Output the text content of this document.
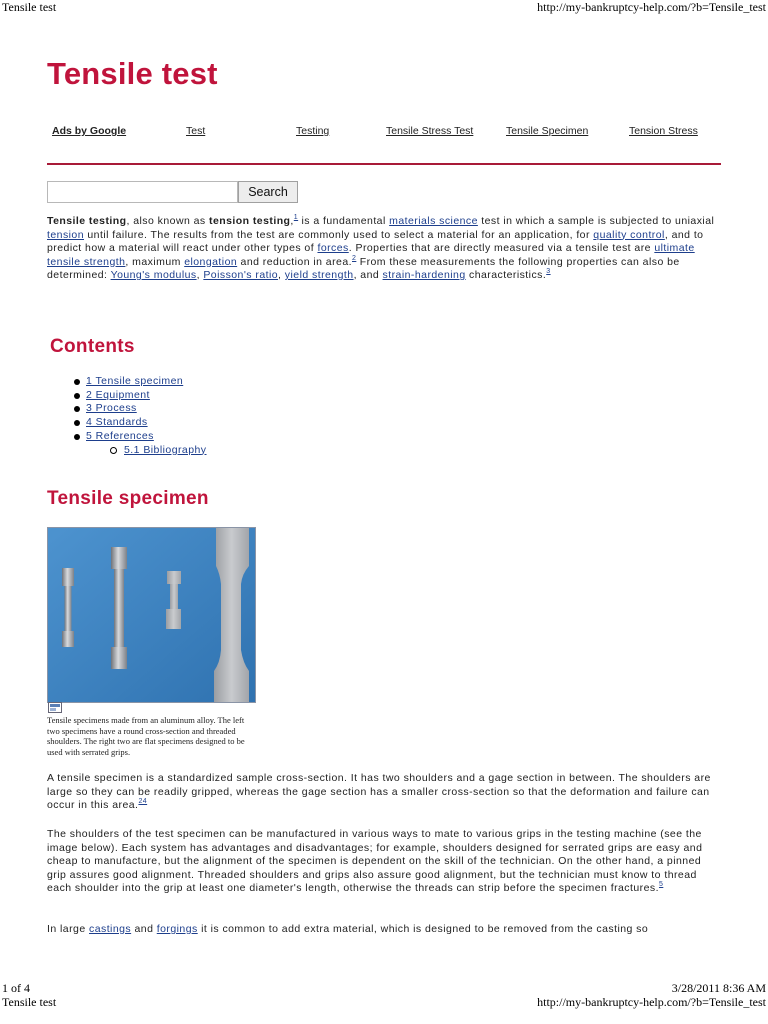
Tensile test	http://my-bankruptcy-help.com/?b=Tensile_test
Tensile test
Ads by Google	Test	Testing	Tensile Stress Test	Tensile Specimen	Tension Stress
Search

Tensile testing, also known as tension testing,$^1$ is a fundamental materials science test in which a sample is subjected to uniaxial tension until failure. The results from the test are commonly used to select a material for an application, for quality control, and to predict how a material will react under other types of forces. Properties that are directly measured via a tensile test are ultimate tensile strength, maximum elongation and reduction in area.$^2$ From these measurements the following properties can also be determined: Young's modulus, Poisson's ratio, yield strength, and strain-hardening characteristics.$^3$

Contents
1 Tensile specimen
2 Equipment
3 Process
4 Standards
5 References
5.1 Bibliography
Tensile specimen

Tensile specimens made from an aluminum alloy. The left two specimens have a round cross-section and threaded shoulders. The right two are flat specimens designed to be used with serrated grips.

A tensile specimen is a standardized sample cross-section. It has two shoulders and a gage section in between. The shoulders are large so they can be readily gripped, whereas the gage section has a smaller cross-section so that the deformation and failure can occur in this area.$^{24}$

The shoulders of the test specimen can be manufactured in various ways to mate to various grips in the testing machine (see the image below). Each system has advantages and disadvantages; for example, shoulders designed for serrated grips are easy and cheap to manufacture, but the alignment of the specimen is dependent on the skill of the technician. On the other hand, a pinned grip assures good alignment. Threaded shoulders and grips also assure good alignment, but the technician must know to thread each shoulder into the grip at least one diameter's length, otherwise the threads can strip before the specimen fractures.$^5$

In large castings and forgings it is common to add extra material, which is designed to be removed from the casting so

1 of 4
Tensile test
3/28/2011 8:36 AM
http://my-bankruptcy-help.com/?b=Tensile_test
